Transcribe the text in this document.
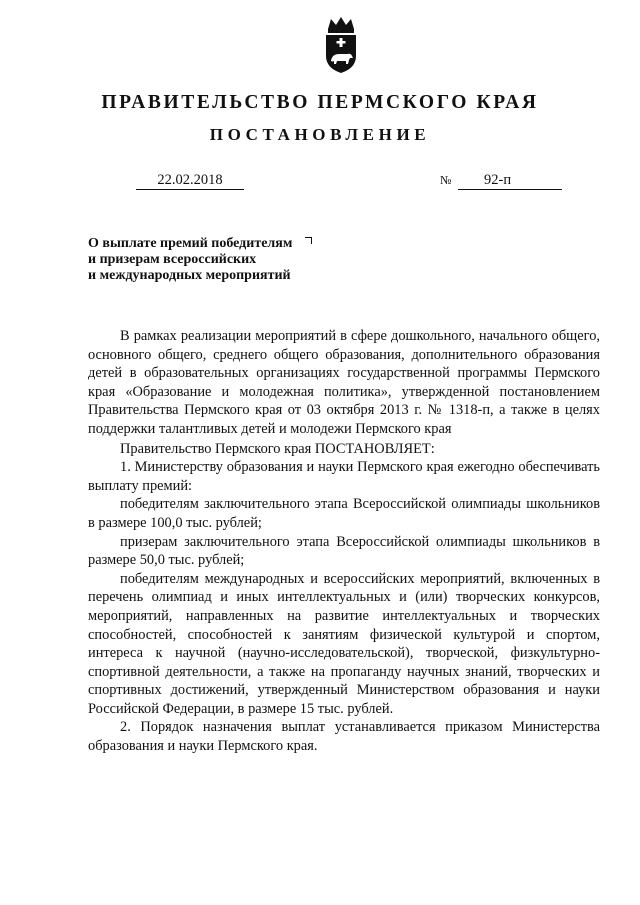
ПРАВИТЕЛЬСТВО ПЕРМСКОГО КРАЯ
ПОСТАНОВЛЕНИЕ
22.02.2018	№	92-п
О выплате премий победителям
и призерам всероссийских
и международных мероприятий

В рамках реализации мероприятий в сфере дошкольного, начального общего, основного общего, среднего общего образования, дополнительного образования детей в образовательных организациях государственной программы Пермского края «Образование и молодежная политика», утвержденной постановлением Правительства Пермского края от 03 октября 2013 г. № 1318-п, а также в целях поддержки талантливых детей и молодежи Пермского края

Правительство Пермского края ПОСТАНОВЛЯЕТ:

1. Министерству образования и науки Пермского края ежегодно обеспечивать выплату премий:

победителям заключительного этапа Всероссийской олимпиады школьников в размере 100,0 тыс. рублей;

призерам заключительного этапа Всероссийской олимпиады школьников в размере 50,0 тыс. рублей;

победителям международных и всероссийских мероприятий, включенных в перечень олимпиад и иных интеллектуальных и (или) творческих конкурсов, мероприятий, направленных на развитие интеллектуальных и творческих способностей, способностей к занятиям физической культурой и спортом, интереса к научной (научно-исследовательской), творческой, физкультурно-спортивной деятельности, а также на пропаганду научных знаний, творческих и спортивных достижений, утвержденный Министерством образования и науки Российской Федерации, в размере 15 тыс. рублей.

2. Порядок назначения выплат устанавливается приказом Министерства образования и науки Пермского края.
